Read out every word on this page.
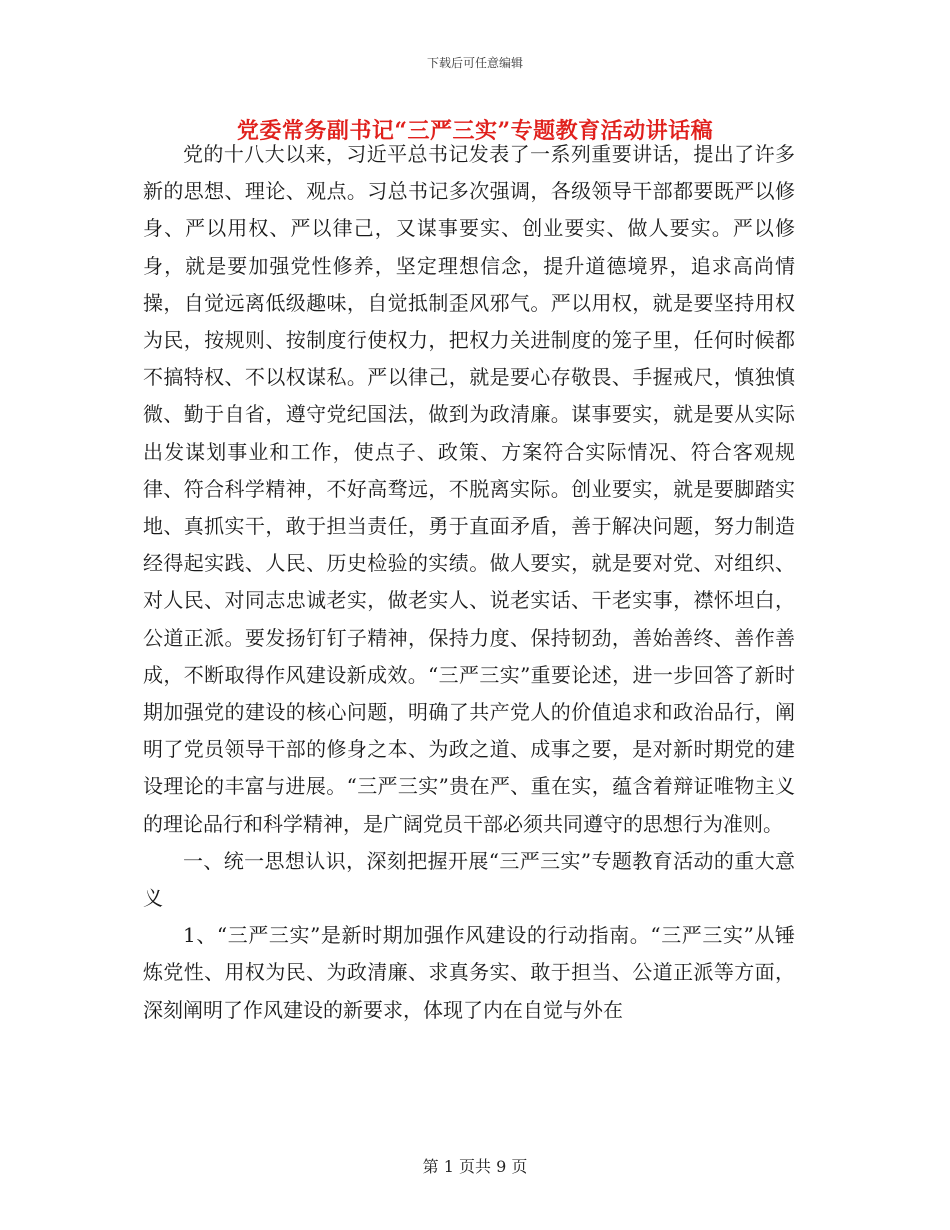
下载后可任意编辑
党委常务副书记“三严三实”专题教育活动讲话稿

党的十八大以来，习近平总书记发表了一系列重要讲话，提出了许多新的思想、理论、观点。习总书记多次强调，各级领导干部都要既严以修身、严以用权、严以律己，又谋事要实、创业要实、做人要实。严以修身，就是要加强党性修养，坚定理想信念，提升道德境界，追求高尚情操，自觉远离低级趣味，自觉抵制歪风邪气。严以用权，就是要坚持用权为民，按规则、按制度行使权力，把权力关进制度的笼子里，任何时候都不搞特权、不以权谋私。严以律己，就是要心存敬畏、手握戒尺，慎独慎微、勤于自省，遵守党纪国法，做到为政清廉。谋事要实，就是要从实际出发谋划事业和工作，使点子、政策、方案符合实际情况、符合客观规律、符合科学精神，不好高骛远，不脱离实际。创业要实，就是要脚踏实地、真抓实干，敢于担当责任，勇于直面矛盾，善于解决问题，努力制造经得起实践、人民、历史检验的实绩。做人要实，就是要对党、对组织、对人民、对同志忠诚老实，做老实人、说老实话、干老实事，襟怀坦白，公道正派。要发扬钉钉子精神，保持力度、保持韧劲，善始善终、善作善成，不断取得作风建设新成效。“三严三实”重要论述，进一步回答了新时期加强党的建设的核心问题，明确了共产党人的价值追求和政治品行，阐明了党员领导干部的修身之本、为政之道、成事之要，是对新时期党的建设理论的丰富与进展。“三严三实”贵在严、重在实，蕴含着辩证唯物主义的理论品行和科学精神，是广阔党员干部必须共同遵守的思想行为准则。

一、统一思想认识，深刻把握开展“三严三实”专题教育活动的重大意义

1、“三严三实”是新时期加强作风建设的行动指南。“三严三实”从锤炼党性、用权为民、为政清廉、求真务实、敢于担当、公道正派等方面，深刻阐明了作风建设的新要求，体现了内在自觉与外在

第 1 页共 9 页
